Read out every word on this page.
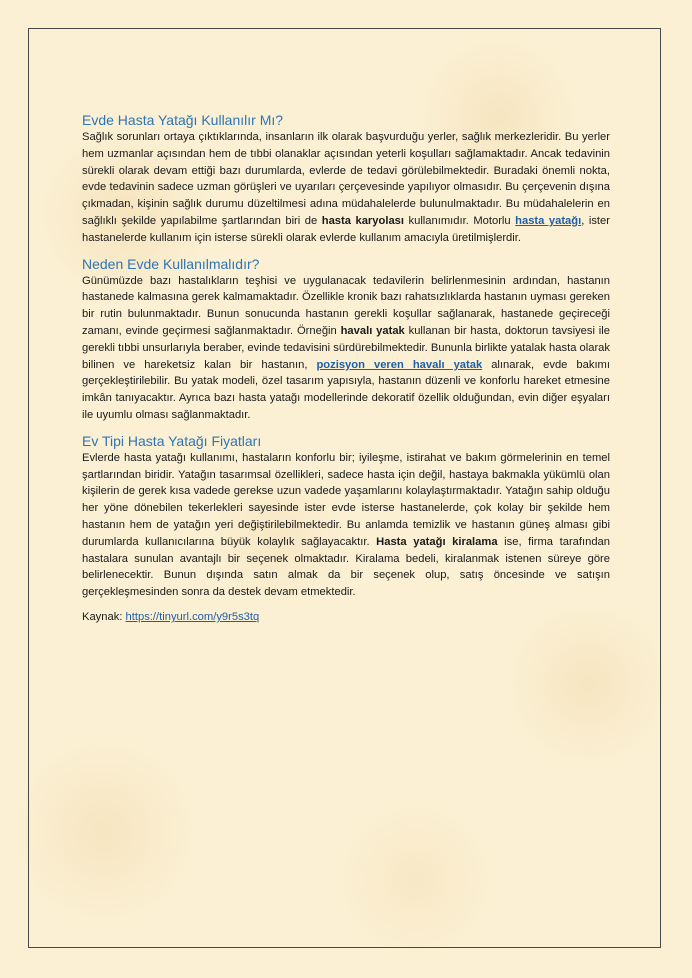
Evde Hasta Yatağı Kullanılır Mı?

Sağlık sorunları ortaya çıktıklarında, insanların ilk olarak başvurduğu yerler, sağlık merkezleridir. Bu yerler hem uzmanlar açısından hem de tıbbi olanaklar açısından yeterli koşulları sağlamaktadır. Ancak tedavinin sürekli olarak devam ettiği bazı durumlarda, evlerde de tedavi görülebilmektedir. Buradaki önemli nokta, evde tedavinin sadece uzman görüşleri ve uyarıları çerçevesinde yapılıyor olmasıdır. Bu çerçevenin dışına çıkmadan, kişinin sağlık durumu düzeltilmesi adına müdahalelerde bulunulmaktadır. Bu müdahalelerin en sağlıklı şekilde yapılabilme şartlarından biri de hasta karyolası kullanımıdır. Motorlu hasta yatağı, ister hastanelerde kullanım için isterse sürekli olarak evlerde kullanım amacıyla üretilmişlerdir.

Neden Evde Kullanılmalıdır?

Günümüzde bazı hastalıkların teşhisi ve uygulanacak tedavilerin belirlenmesinin ardından, hastanın hastanede kalmasına gerek kalmamaktadır. Özellikle kronik bazı rahatsızlıklarda hastanın uyması gereken bir rutin bulunmaktadır. Bunun sonucunda hastanın gerekli koşullar sağlanarak, hastanede geçireceği zamanı, evinde geçirmesi sağlanmaktadır. Örneğin havalı yatak kullanan bir hasta, doktorun tavsiyesi ile gerekli tıbbi unsurlarıyla beraber, evinde tedavisini sürdürebilmektedir. Bununla birlikte yatalak hasta olarak bilinen ve hareketsiz kalan bir hastanın, pozisyon veren havalı yatak alınarak, evde bakımı gerçekleştirilebilir. Bu yatak modeli, özel tasarım yapısıyla, hastanın düzenli ve konforlu hareket etmesine imkân tanıyacaktır. Ayrıca bazı hasta yatağı modellerinde dekoratif özellik olduğundan, evin diğer eşyaları ile uyumlu olması sağlanmaktadır.

Ev Tipi Hasta Yatağı Fiyatları

Evlerde hasta yatağı kullanımı, hastaların konforlu bir; iyileşme, istirahat ve bakım görmelerinin en temel şartlarından biridir. Yatağın tasarımsal özellikleri, sadece hasta için değil, hastaya bakmakla yükümlü olan kişilerin de gerek kısa vadede gerekse uzun vadede yaşamlarını kolaylaştırmaktadır. Yatağın sahip olduğu her yöne dönebilen tekerlekleri sayesinde ister evde isterse hastanelerde, çok kolay bir şekilde hem hastanın hem de yatağın yeri değiştirilebilmektedir. Bu anlamda temizlik ve hastanın güneş alması gibi durumlarda kullanıcılarına büyük kolaylık sağlayacaktır. Hasta yatağı kiralama ise, firma tarafından hastalara sunulan avantajlı bir seçenek olmaktadır. Kiralama bedeli, kiralanmak istenen süreye göre belirlenecektir. Bunun dışında satın almak da bir seçenek olup, satış öncesinde ve satışın gerçekleşmesinden sonra da destek devam etmektedir.

Kaynak: https://tinyurl.com/y9r5s3tq
